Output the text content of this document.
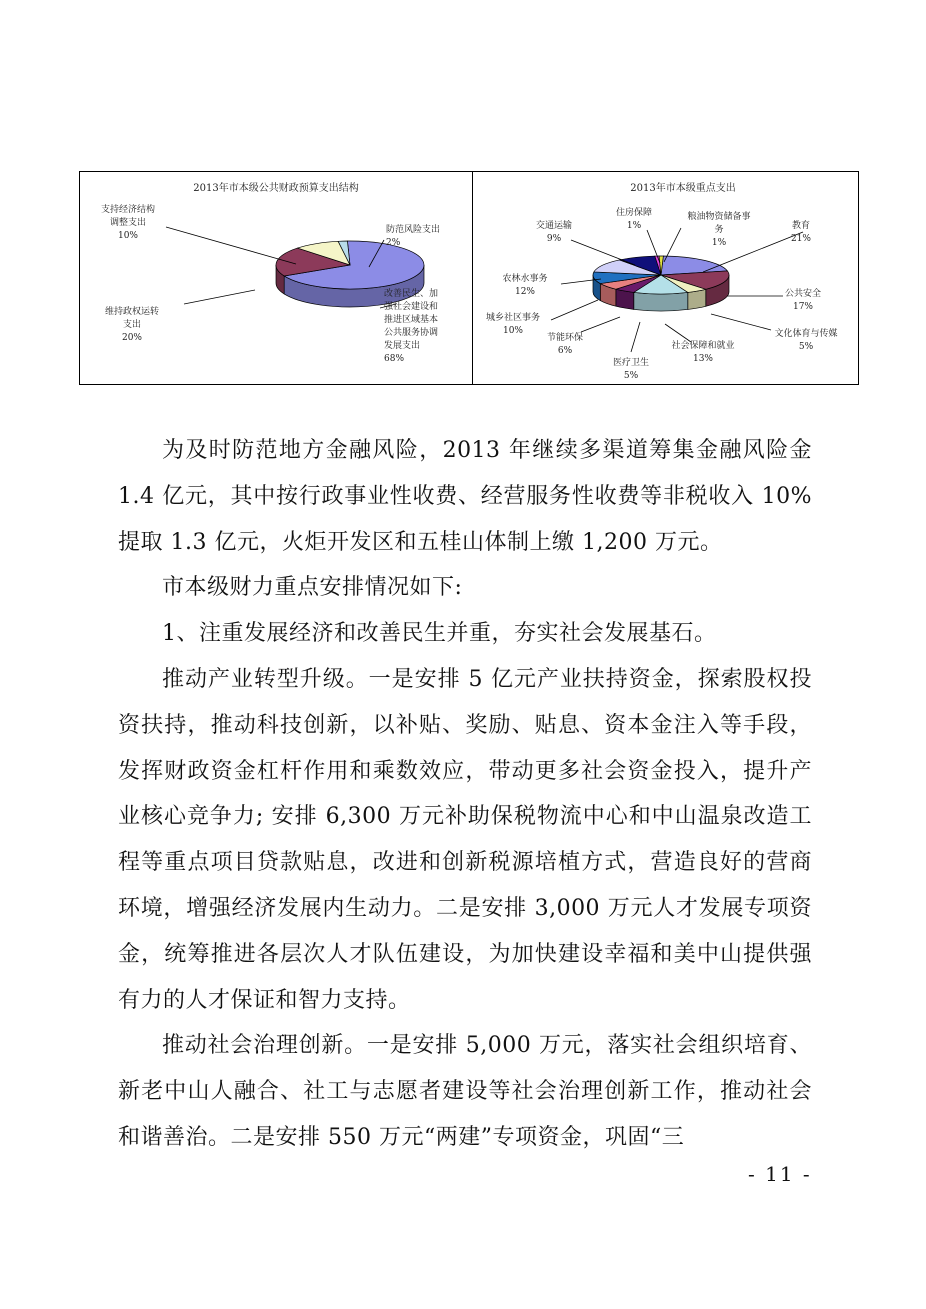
2013年市本级公共财政预算支出结构
改善民生、加强社会建设和推进区域基本公共服务协调发展支出 68%
维持政权运转支出 20%
支持经济结构调整支出 10%
防范风险支出 2%
2013年市本级重点支出
教育 21%
公共安全 17%
文化体育与传媒 5%
社会保障和就业 13%
医疗卫生 5%
节能环保 6%
城乡社区事务 10%
农林水事务 12%
交通运输 9%
住房保障 1%
粮油物资储备事务 1%

为及时防范地方金融风险，2013 年继续多渠道筹集金融风险金 1.4 亿元，其中按行政事业性收费、经营服务性收费等非税收入 10%提取 1.3 亿元，火炬开发区和五桂山体制上缴 1,200 万元。

市本级财力重点安排情况如下:

1、注重发展经济和改善民生并重，夯实社会发展基石。

推动产业转型升级。一是安排 5 亿元产业扶持资金，探索股权投资扶持，推动科技创新，以补贴、奖励、贴息、资本金注入等手段，发挥财政资金杠杆作用和乘数效应，带动更多社会资金投入，提升产业核心竞争力; 安排 6,300 万元补助保税物流中心和中山温泉改造工程等重点项目贷款贴息，改进和创新税源培植方式，营造良好的营商环境，增强经济发展内生动力。二是安排 3,000 万元人才发展专项资金，统筹推进各层次人才队伍建设，为加快建设幸福和美中山提供强有力的人才保证和智力支持。

推动社会治理创新。一是安排 5,000 万元，落实社会组织培育、新老中山人融合、社工与志愿者建设等社会治理创新工作，推动社会和谐善治。二是安排 550 万元“两建”专项资金，巩固“三

- 11 -
